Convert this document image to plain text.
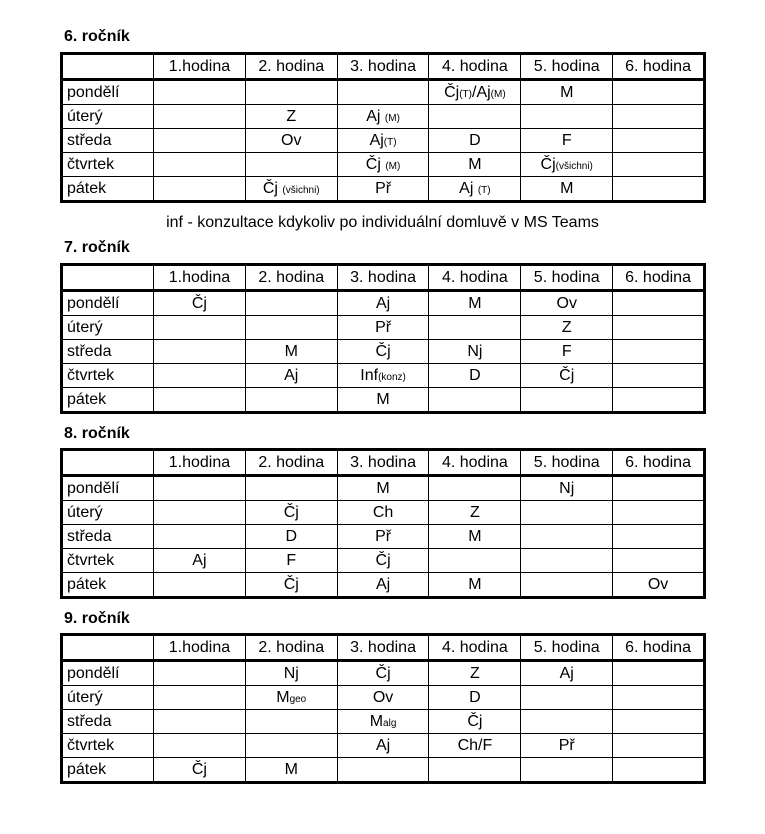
6. ročník
	1.hodina	2. hodina	3. hodina	4. hodina	5. hodina	6. hodina
pondělí				Čj(T)/Aj(M)	M	
úterý		Z	Aj (M)			
středa		Ov	Aj(T)	D	F	
čtvrtek			Čj (M)	M	Čj(všichni)	
pátek		Čj (všichni)	Př	Aj (T)	M	
inf - konzultace kdykoliv po individuální domluvě v MS Teams
7. ročník
	1.hodina	2. hodina	3. hodina	4. hodina	5. hodina	6. hodina
pondělí	Čj		Aj	M	Ov	
úterý			Př		Z	
středa		M	Čj	Nj	F	
čtvrtek		Aj	Inf(konz)	D	Čj	
pátek			M			
8. ročník
	1.hodina	2. hodina	3. hodina	4. hodina	5. hodina	6. hodina
pondělí			M		Nj	
úterý		Čj	Ch	Z		
středa		D	Př	M		
čtvrtek	Aj	F	Čj			
pátek		Čj	Aj	M		Ov
9. ročník
	1.hodina	2. hodina	3. hodina	4. hodina	5. hodina	6. hodina
pondělí		Nj	Čj	Z	Aj	
úterý		Mgeo	Ov	D		
středa			Malg	Čj		
čtvrtek			Aj	Ch/F	Př	
pátek	Čj	M				
